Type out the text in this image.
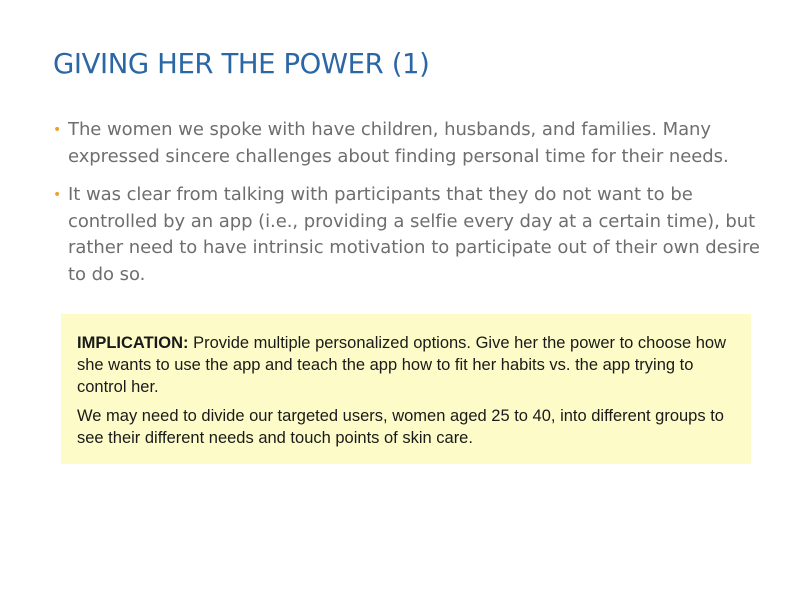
GIVING HER THE POWER (1)
• The women we spoke with have children, husbands, and families. Many expressed sincere challenges about finding personal time for their needs.
• It was clear from talking with participants that they do not want to be controlled by an app (i.e., providing a selfie every day at a certain time), but rather need to have intrinsic motivation to participate out of their own desire to do so.

IMPLICATION: Provide multiple personalized options. Give her the power to choose how she wants to use the app and teach the app how to fit her habits vs. the app trying to control her.

We may need to divide our targeted users, women aged 25 to 40, into different groups to see their different needs and touch points of skin care.
